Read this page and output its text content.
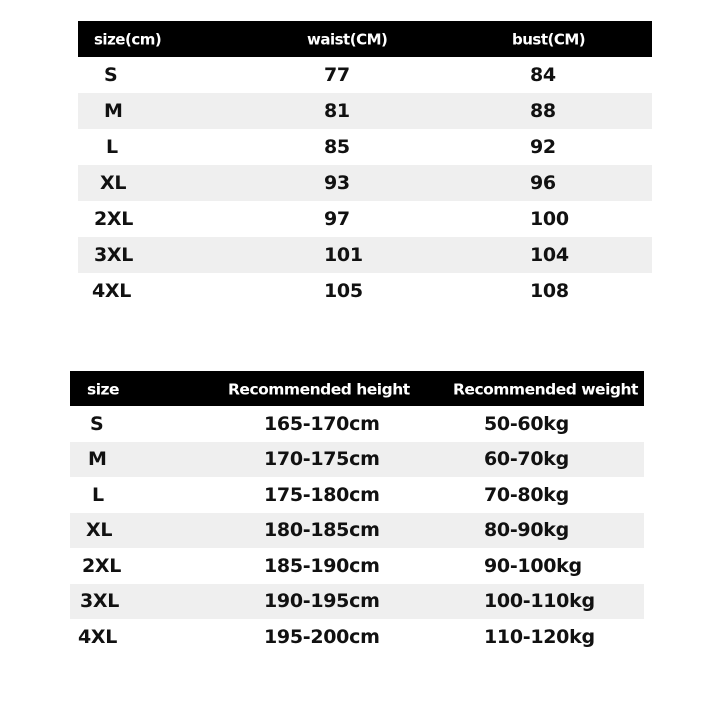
size(cm)	waist(CM)	bust(CM)
S	77	84
M	81	88
L	85	92
XL	93	96
2XL	97	100
3XL	101	104
4XL	105	108
size	Recommended height	Recommended weight
S	165-170cm	50-60kg
M	170-175cm	60-70kg
L	175-180cm	70-80kg
XL	180-185cm	80-90kg
2XL	185-190cm	90-100kg
3XL	190-195cm	100-110kg
4XL	195-200cm	110-120kg
